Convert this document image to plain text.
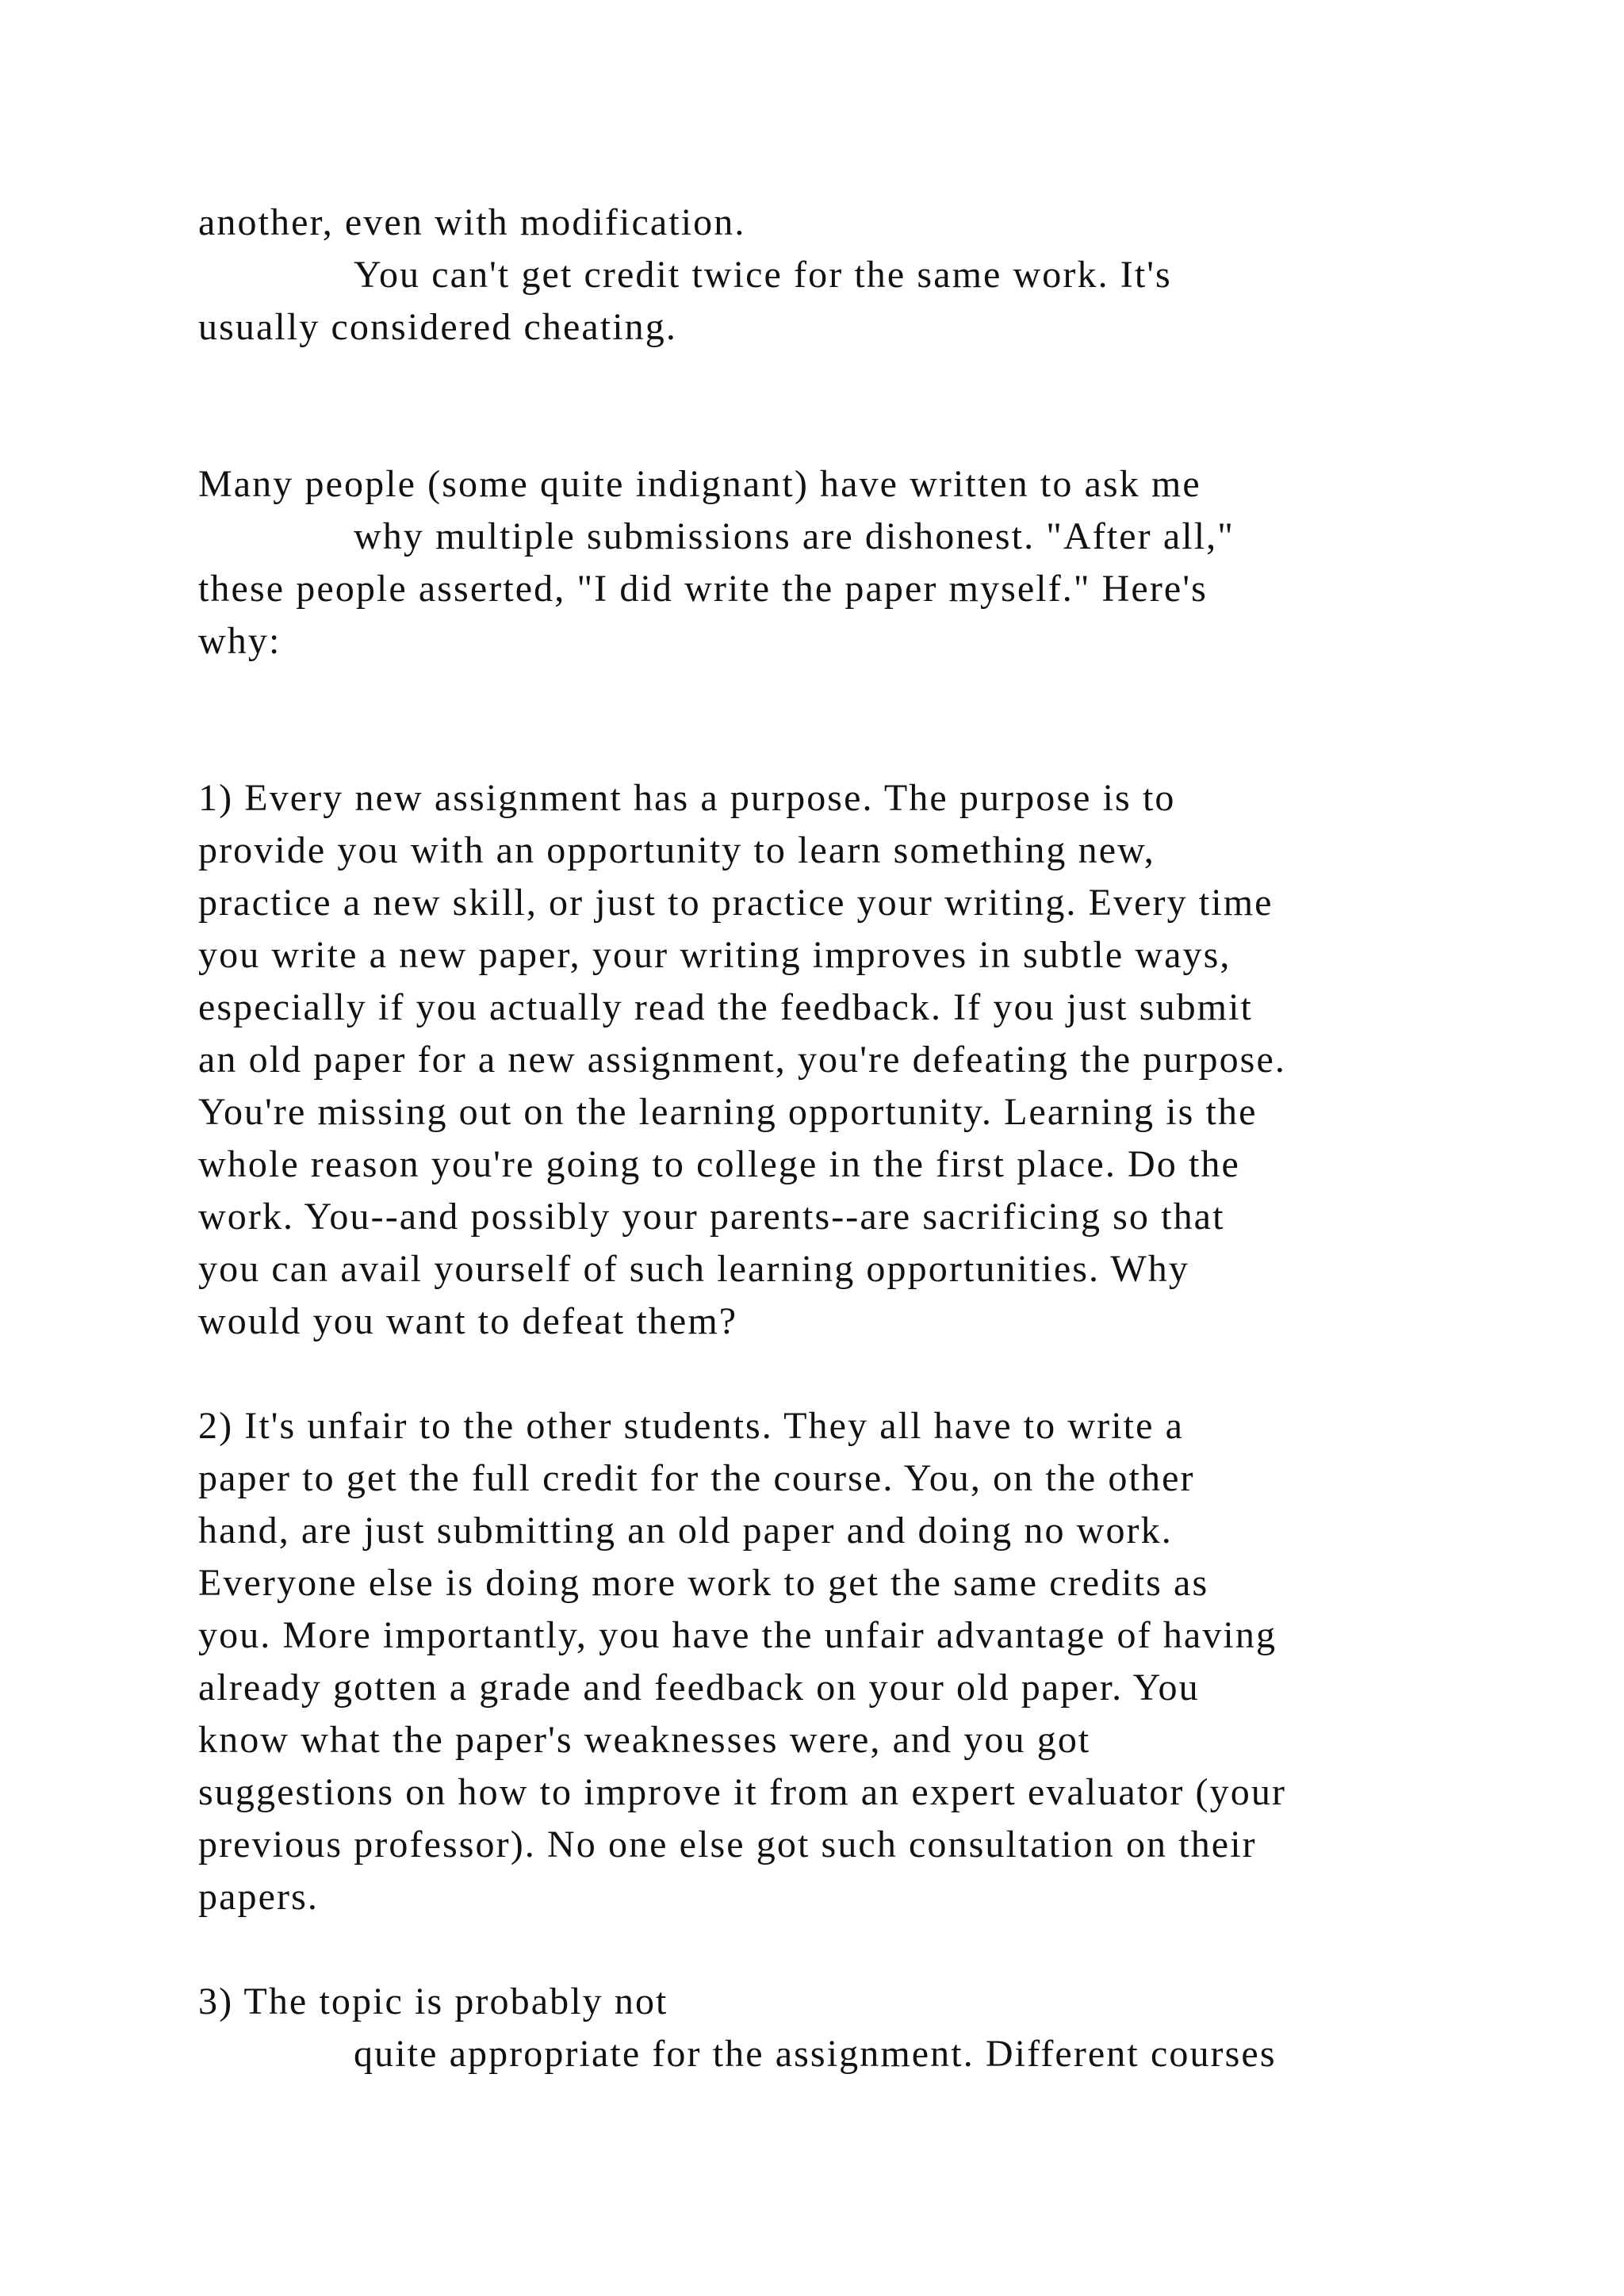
another, even with modification.
You can't get credit twice for the same work. It's
usually considered cheating.
Many people (some quite indignant) have written to ask me
why multiple submissions are dishonest. "After all,"
these people asserted, "I did write the paper myself." Here's
why:
1) Every new assignment has a purpose. The purpose is to
provide you with an opportunity to learn something new,
practice a new skill, or just to practice your writing. Every time
you write a new paper, your writing improves in subtle ways,
especially if you actually read the feedback. If you just submit
an old paper for a new assignment, you're defeating the purpose.
You're missing out on the learning opportunity. Learning is the
whole reason you're going to college in the first place. Do the
work. You--and possibly your parents--are sacrificing so that
you can avail yourself of such learning opportunities. Why
would you want to defeat them?
2) It's unfair to the other students. They all have to write a
paper to get the full credit for the course. You, on the other
hand, are just submitting an old paper and doing no work.
Everyone else is doing more work to get the same credits as
you. More importantly, you have the unfair advantage of having
already gotten a grade and feedback on your old paper. You
know what the paper's weaknesses were, and you got
suggestions on how to improve it from an expert evaluator (your
previous professor). No one else got such consultation on their
papers.
3) The topic is probably not
quite appropriate for the assignment. Different courses
